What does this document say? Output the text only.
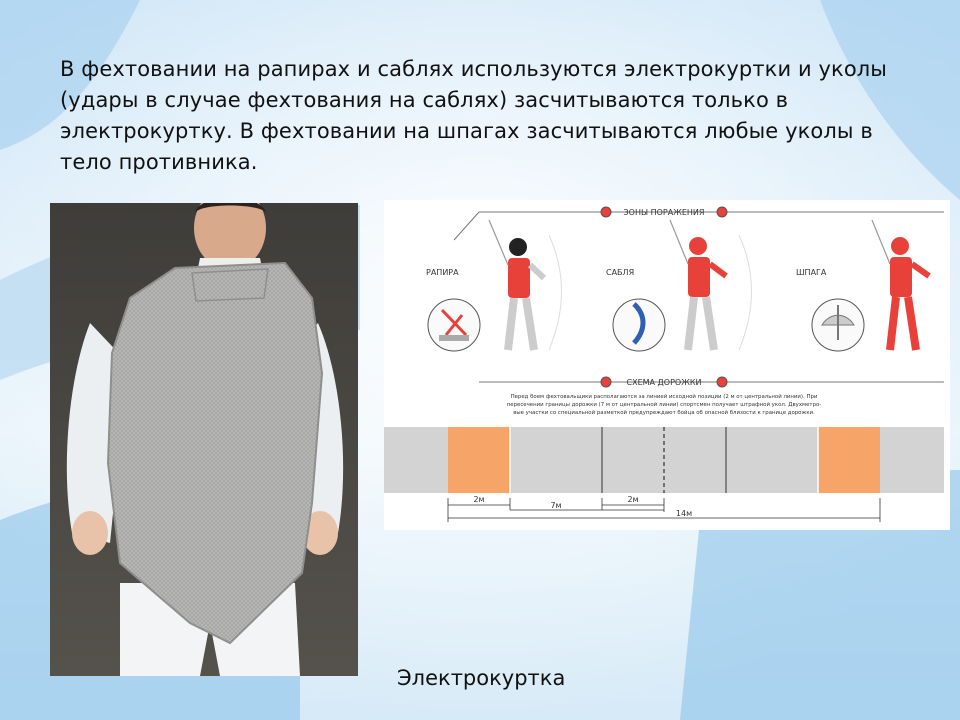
В фехтовании на рапирах и саблях используются электрокуртки и уколы
(удары в случае фехтования на саблях) засчитываются только в
электрокуртку. В фехтовании на шпагах засчитываются любые уколы в
тело противника.
ЗОНЫ ПОРАЖЕНИЯ
РАПИРА	САБЛЯ	ШПАГА
СХЕМА ДОРОЖКИ
Перед боем фехтовальщики располагаются за линией исходной позиции (2 м от центральной линии). При
пересечении границы дорожки (7 м от центральной линии) спортсмен получает штрафной укол. Двухметро-
вые участки со специальной разметкой предупреждают бойца об опасной близости к границе дорожки.
2м
7м
2м
14м
Электрокуртка
